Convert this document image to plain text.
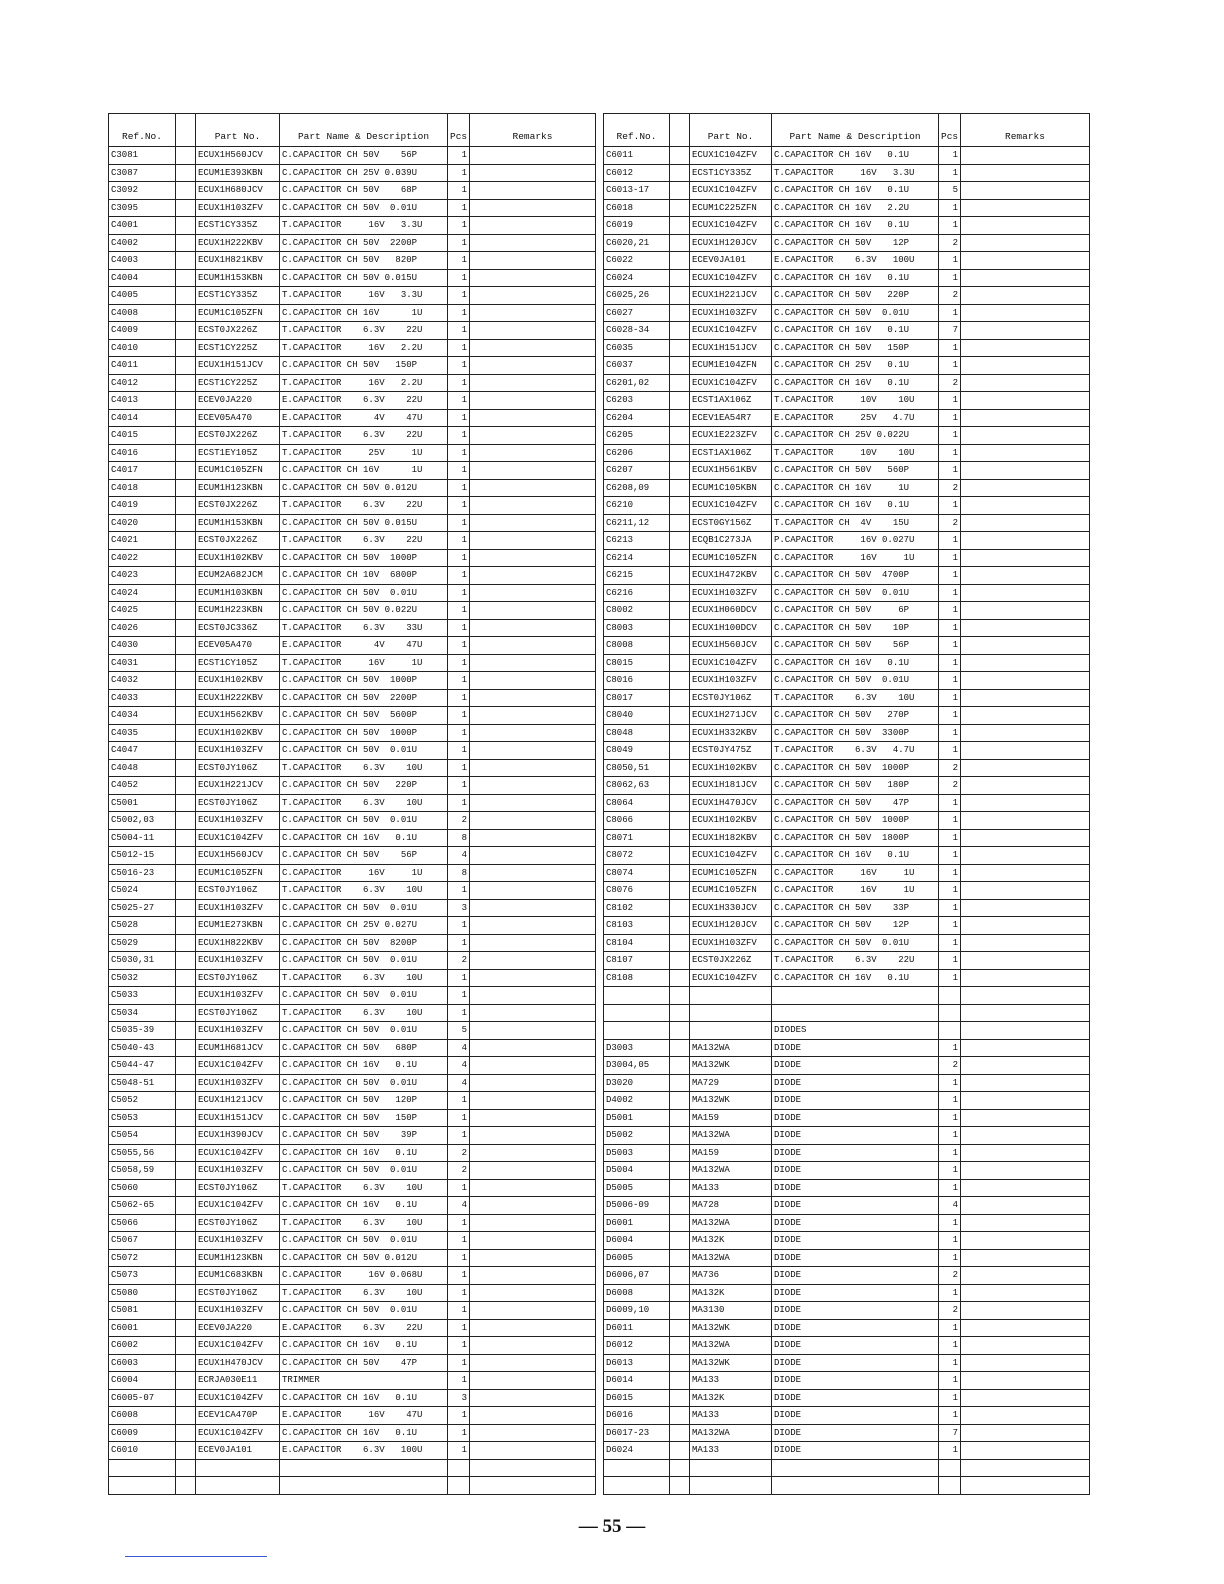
Ref.No.		Part No.	Part Name & Description	Pcs	Remarks
C3081		ECUX1H560JCV	C.CAPACITOR CH 50V    56P	1	
C3087		ECUM1E393KBN	C.CAPACITOR CH 25V 0.039U	1	
C3092		ECUX1H680JCV	C.CAPACITOR CH 50V    68P	1	
C3095		ECUX1H103ZFV	C.CAPACITOR CH 50V  0.01U	1	
C4001		ECST1CY335Z	T.CAPACITOR     16V   3.3U	1	
C4002		ECUX1H222KBV	C.CAPACITOR CH 50V  2200P	1	
C4003		ECUX1H821KBV	C.CAPACITOR CH 50V   820P	1	
C4004		ECUM1H153KBN	C.CAPACITOR CH 50V 0.015U	1	
C4005		ECST1CY335Z	T.CAPACITOR     16V   3.3U	1	
C4008		ECUM1C105ZFN	C.CAPACITOR CH 16V      1U	1	
C4009		ECST0JX226Z	T.CAPACITOR    6.3V    22U	1	
C4010		ECST1CY225Z	T.CAPACITOR     16V   2.2U	1	
C4011		ECUX1H151JCV	C.CAPACITOR CH 50V   150P	1	
C4012		ECST1CY225Z	T.CAPACITOR     16V   2.2U	1	
C4013		ECEV0JA220	E.CAPACITOR    6.3V    22U	1	
C4014		ECEV05A470	E.CAPACITOR      4V    47U	1	
C4015		ECST0JX226Z	T.CAPACITOR    6.3V    22U	1	
C4016		ECST1EY105Z	T.CAPACITOR     25V     1U	1	
C4017		ECUM1C105ZFN	C.CAPACITOR CH 16V      1U	1	
C4018		ECUM1H123KBN	C.CAPACITOR CH 50V 0.012U	1	
C4019		ECST0JX226Z	T.CAPACITOR    6.3V    22U	1	
C4020		ECUM1H153KBN	C.CAPACITOR CH 50V 0.015U	1	
C4021		ECST0JX226Z	T.CAPACITOR    6.3V    22U	1	
C4022		ECUX1H102KBV	C.CAPACITOR CH 50V  1000P	1	
C4023		ECUM2A682JCM	C.CAPACITOR CH 10V  6800P	1	
C4024		ECUM1H103KBN	C.CAPACITOR CH 50V  0.01U	1	
C4025		ECUM1H223KBN	C.CAPACITOR CH 50V 0.022U	1	
C4026		ECST0JC336Z	T.CAPACITOR    6.3V    33U	1	
C4030		ECEV05A470	E.CAPACITOR      4V    47U	1	
C4031		ECST1CY105Z	T.CAPACITOR     16V     1U	1	
C4032		ECUX1H102KBV	C.CAPACITOR CH 50V  1000P	1	
C4033		ECUX1H222KBV	C.CAPACITOR CH 50V  2200P	1	
C4034		ECUX1H562KBV	C.CAPACITOR CH 50V  5600P	1	
C4035		ECUX1H102KBV	C.CAPACITOR CH 50V  1000P	1	
C4047		ECUX1H103ZFV	C.CAPACITOR CH 50V  0.01U	1	
C4048		ECST0JY106Z	T.CAPACITOR    6.3V    10U	1	
C4052		ECUX1H221JCV	C.CAPACITOR CH 50V   220P	1	
C5001		ECST0JY106Z	T.CAPACITOR    6.3V    10U	1	
C5002,03		ECUX1H103ZFV	C.CAPACITOR CH 50V  0.01U	2	
C5004-11		ECUX1C104ZFV	C.CAPACITOR CH 16V   0.1U	8	
C5012-15		ECUX1H560JCV	C.CAPACITOR CH 50V    56P	4	
C5016-23		ECUM1C105ZFN	C.CAPACITOR     16V     1U	8	
C5024		ECST0JY106Z	T.CAPACITOR    6.3V    10U	1	
C5025-27		ECUX1H103ZFV	C.CAPACITOR CH 50V  0.01U	3	
C5028		ECUM1E273KBN	C.CAPACITOR CH 25V 0.027U	1	
C5029		ECUX1H822KBV	C.CAPACITOR CH 50V  8200P	1	
C5030,31		ECUX1H103ZFV	C.CAPACITOR CH 50V  0.01U	2	
C5032		ECST0JY106Z	T.CAPACITOR    6.3V    10U	1	
C5033		ECUX1H103ZFV	C.CAPACITOR CH 50V  0.01U	1	
C5034		ECST0JY106Z	T.CAPACITOR    6.3V    10U	1	
C5035-39		ECUX1H103ZFV	C.CAPACITOR CH 50V  0.01U	5	
C5040-43		ECUM1H681JCV	C.CAPACITOR CH 50V   680P	4	
C5044-47		ECUX1C104ZFV	C.CAPACITOR CH 16V   0.1U	4	
C5048-51		ECUX1H103ZFV	C.CAPACITOR CH 50V  0.01U	4	
C5052		ECUX1H121JCV	C.CAPACITOR CH 50V   120P	1	
C5053		ECUX1H151JCV	C.CAPACITOR CH 50V   150P	1	
C5054		ECUX1H390JCV	C.CAPACITOR CH 50V    39P	1	
C5055,56		ECUX1C104ZFV	C.CAPACITOR CH 16V   0.1U	2	
C5058,59		ECUX1H103ZFV	C.CAPACITOR CH 50V  0.01U	2	
C5060		ECST0JY106Z	T.CAPACITOR    6.3V    10U	1	
C5062-65		ECUX1C104ZFV	C.CAPACITOR CH 16V   0.1U	4	
C5066		ECST0JY106Z	T.CAPACITOR    6.3V    10U	1	
C5067		ECUX1H103ZFV	C.CAPACITOR CH 50V  0.01U	1	
C5072		ECUM1H123KBN	C.CAPACITOR CH 50V 0.012U	1	
C5073		ECUM1C683KBN	C.CAPACITOR     16V 0.068U	1	
C5080		ECST0JY106Z	T.CAPACITOR    6.3V    10U	1	
C5081		ECUX1H103ZFV	C.CAPACITOR CH 50V  0.01U	1	
C6001		ECEV0JA220	E.CAPACITOR    6.3V    22U	1	
C6002		ECUX1C104ZFV	C.CAPACITOR CH 16V   0.1U	1	
C6003		ECUX1H470JCV	C.CAPACITOR CH 50V    47P	1	
C6004		ECRJA030E11	TRIMMER	1	
C6005-07		ECUX1C104ZFV	C.CAPACITOR CH 16V   0.1U	3	
C6008		ECEV1CA470P	E.CAPACITOR     16V    47U	1	
C6009		ECUX1C104ZFV	C.CAPACITOR CH 16V   0.1U	1	
C6010		ECEV0JA101	E.CAPACITOR    6.3V   100U	1	

Ref.No.		Part No.	Part Name & Description	Pcs	Remarks
C6011		ECUX1C104ZFV	C.CAPACITOR CH 16V   0.1U	1	
C6012		ECST1CY335Z	T.CAPACITOR     16V   3.3U	1	
C6013-17		ECUX1C104ZFV	C.CAPACITOR CH 16V   0.1U	5	
C6018		ECUM1C225ZFN	C.CAPACITOR CH 16V   2.2U	1	
C6019		ECUX1C104ZFV	C.CAPACITOR CH 16V   0.1U	1	
C6020,21		ECUX1H120JCV	C.CAPACITOR CH 50V    12P	2	
C6022		ECEV0JA101	E.CAPACITOR    6.3V   100U	1	
C6024		ECUX1C104ZFV	C.CAPACITOR CH 16V   0.1U	1	
C6025,26		ECUX1H221JCV	C.CAPACITOR CH 50V   220P	2	
C6027		ECUX1H103ZFV	C.CAPACITOR CH 50V  0.01U	1	
C6028-34		ECUX1C104ZFV	C.CAPACITOR CH 16V   0.1U	7	
C6035		ECUX1H151JCV	C.CAPACITOR CH 50V   150P	1	
C6037		ECUM1E104ZFN	C.CAPACITOR CH 25V   0.1U	1	
C6201,02		ECUX1C104ZFV	C.CAPACITOR CH 16V   0.1U	2	
C6203		ECST1AX106Z	T.CAPACITOR     10V    10U	1	
C6204		ECEV1EA54R7	E.CAPACITOR     25V   4.7U	1	
C6205		ECUX1E223ZFV	C.CAPACITOR CH 25V 0.022U	1	
C6206		ECST1AX106Z	T.CAPACITOR     10V    10U	1	
C6207		ECUX1H561KBV	C.CAPACITOR CH 50V   560P	1	
C6208,09		ECUM1C105KBN	C.CAPACITOR CH 16V     1U	2	
C6210		ECUX1C104ZFV	C.CAPACITOR CH 16V   0.1U	1	
C6211,12		ECST0GY156Z	T.CAPACITOR CH  4V    15U	2	
C6213		ECQB1C273JA	P.CAPACITOR     16V 0.027U	1	
C6214		ECUM1C105ZFN	C.CAPACITOR     16V     1U	1	
C6215		ECUX1H472KBV	C.CAPACITOR CH 50V  4700P	1	
C6216		ECUX1H103ZFV	C.CAPACITOR CH 50V  0.01U	1	
C8002		ECUX1H060DCV	C.CAPACITOR CH 50V     6P	1	
C8003		ECUX1H100DCV	C.CAPACITOR CH 50V    10P	1	
C8008		ECUX1H560JCV	C.CAPACITOR CH 50V    56P	1	
C8015		ECUX1C104ZFV	C.CAPACITOR CH 16V   0.1U	1	
C8016		ECUX1H103ZFV	C.CAPACITOR CH 50V  0.01U	1	
C8017		ECST0JY106Z	T.CAPACITOR    6.3V    10U	1	
C8040		ECUX1H271JCV	C.CAPACITOR CH 50V   270P	1	
C8048		ECUX1H332KBV	C.CAPACITOR CH 50V  3300P	1	
C8049		ECST0JY475Z	T.CAPACITOR    6.3V   4.7U	1	
C8050,51		ECUX1H102KBV	C.CAPACITOR CH 50V  1000P	2	
C8062,63		ECUX1H181JCV	C.CAPACITOR CH 50V   180P	2	
C8064		ECUX1H470JCV	C.CAPACITOR CH 50V    47P	1	
C8066		ECUX1H102KBV	C.CAPACITOR CH 50V  1000P	1	
C8071		ECUX1H182KBV	C.CAPACITOR CH 50V  1800P	1	
C8072		ECUX1C104ZFV	C.CAPACITOR CH 16V   0.1U	1	
C8074		ECUM1C105ZFN	C.CAPACITOR     16V     1U	1	
C8076		ECUM1C105ZFN	C.CAPACITOR     16V     1U	1	
C8102		ECUX1H330JCV	C.CAPACITOR CH 50V    33P	1	
C8103		ECUX1H120JCV	C.CAPACITOR CH 50V    12P	1	
C8104		ECUX1H103ZFV	C.CAPACITOR CH 50V  0.01U	1	
C8107		ECST0JX226Z	T.CAPACITOR    6.3V    22U	1	
C8108		ECUX1C104ZFV	C.CAPACITOR CH 16V   0.1U	1	

			DIODES		
D3003		MA132WA	DIODE	1	
D3004,05		MA132WK	DIODE	2	
D3020		MA729	DIODE	1	
D4002		MA132WK	DIODE	1	
D5001		MA159	DIODE	1	
D5002		MA132WA	DIODE	1	
D5003		MA159	DIODE	1	
D5004		MA132WA	DIODE	1	
D5005		MA133	DIODE	1	
D5006-09		MA728	DIODE	4	
D6001		MA132WA	DIODE	1	
D6004		MA132K	DIODE	1	
D6005		MA132WA	DIODE	1	
D6006,07		MA736	DIODE	2	
D6008		MA132K	DIODE	1	
D6009,10		MA3130	DIODE	2	
D6011		MA132WK	DIODE	1	
D6012		MA132WA	DIODE	1	
D6013		MA132WK	DIODE	1	
D6014		MA133	DIODE	1	
D6015		MA132K	DIODE	1	
D6016		MA133	DIODE	1	
D6017-23		MA132WA	DIODE	7	
D6024		MA133	DIODE	1	

— 55 —
